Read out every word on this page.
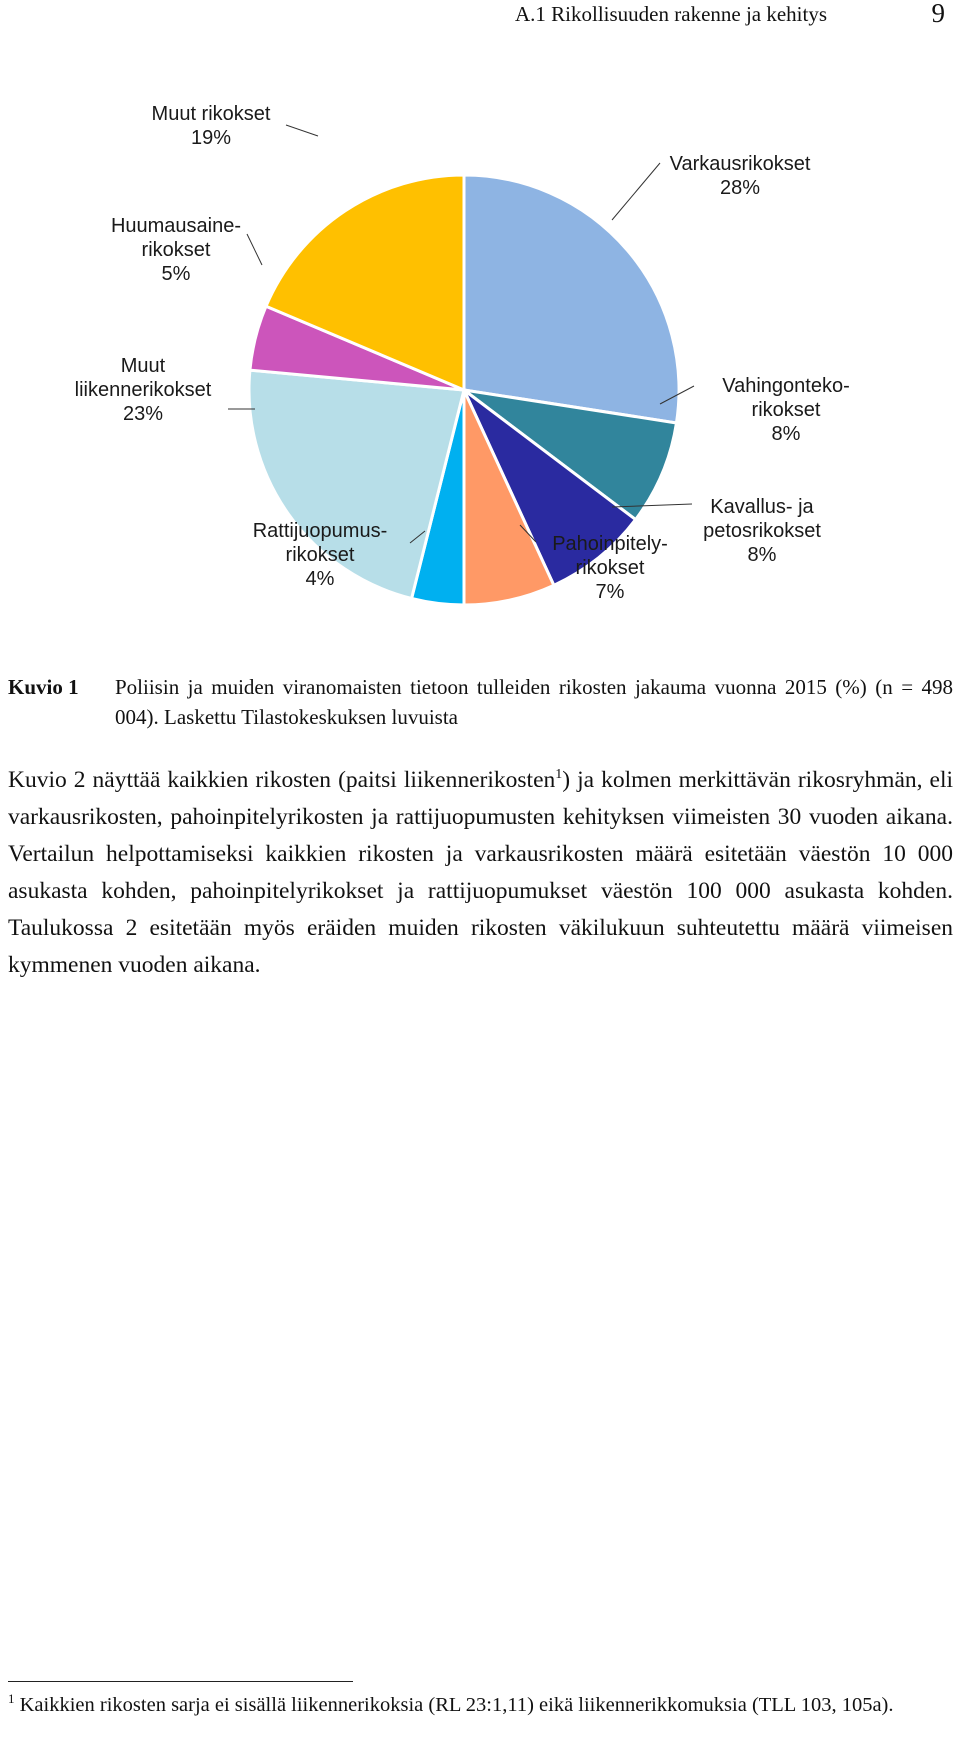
A.1 Rikollisuuden rakenne ja kehitys	9
Varkausrikokset 28%
Vahingonteko-rikokset 8%
Kavallus- ja petosrikokset 8%
Pahoinpitely-rikokset 7%
Rattijuopumus-rikokset 4%
Muut liikennerikokset 23%
Huumausaine-rikokset 5%
Muut rikokset 19%
Kuvio 1 Poliisin ja muiden viranomaisten tietoon tulleiden rikosten jakauma vuonna 2015 (%) (n = 498 004). Laskettu Tilastokeskuksen luvuista

Kuvio 2 näyttää kaikkien rikosten (paitsi liikennerikosten$^1$) ja kolmen merkittävän rikosryhmän, eli varkausrikosten, pahoinpitelyrikosten ja rattijuopumusten kehityksen viimeisten 30 vuoden aikana. Vertailun helpottamiseksi kaikkien rikosten ja varkausrikosten määrä esitetään väestön 10 000 asukasta kohden, pahoinpitelyrikokset ja rattijuopumukset väestön 100 000 asukasta kohden. Taulukossa 2 esitetään myös eräiden muiden rikosten väkilukuun suhteutettu määrä viimeisen kymmenen vuoden aikana.

$^1$ Kaikkien rikosten sarja ei sisällä liikennerikoksia (RL 23:1,11) eikä liikennerikkomuksia (TLL 103, 105a).
